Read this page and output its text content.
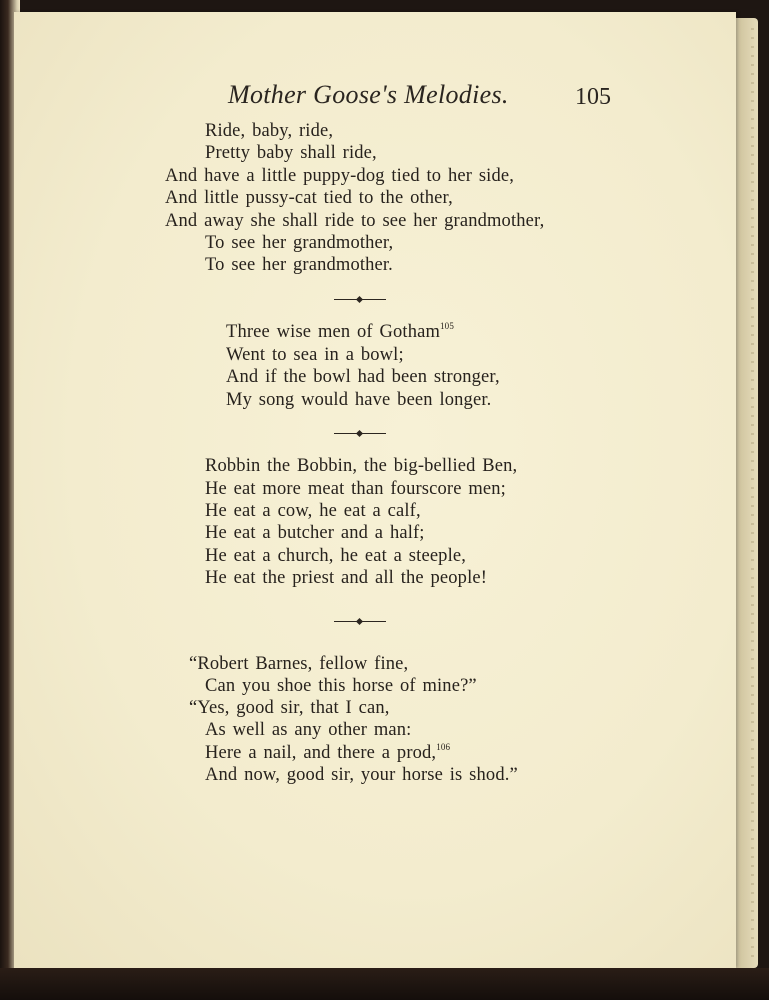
Mother Goose's Melodies.	105
Ride, baby, ride,
Pretty baby shall ride,
And have a little puppy-dog tied to her side,
And little pussy-cat tied to the other,
And away she shall ride to see her grandmother,
To see her grandmother,
To see her grandmother.
Three wise men of Gotham$^{105}$
Went to sea in a bowl;
And if the bowl had been stronger,
My song would have been longer.
Robbin the Bobbin, the big-bellied Ben,
He eat more meat than fourscore men;
He eat a cow, he eat a calf,
He eat a butcher and a half;
He eat a church, he eat a steeple,
He eat the priest and all the people!
“Robert Barnes, fellow fine,
Can you shoe this horse of mine?”
“Yes, good sir, that I can,
As well as any other man:
Here a nail, and there a prod,$^{106}$
And now, good sir, your horse is shod.”
